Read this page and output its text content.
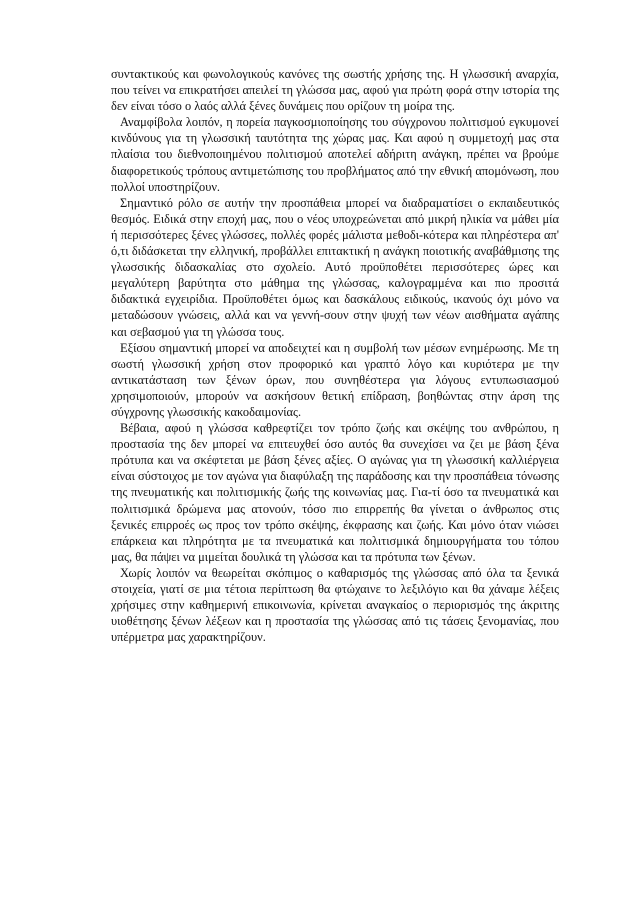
συντακτικούς και φωνολογικούς κανόνες της σωστής χρήσης της. Η γλωσσική αναρχία, που τείνει να επικρατήσει απειλεί τη γλώσσα μας, αφού για πρώτη φορά στην ιστορία της δεν είναι τόσο ο λαός αλλά ξένες δυνάμεις που ορίζουν τη μοίρα της.

Αναμφίβολα λοιπόν, η πορεία παγκοσμιοποίησης του σύγχρονου πολιτισμού εγκυμονεί κινδύνους για τη γλωσσική ταυτότητα της χώρας μας. Και αφού η συμμετοχή μας στα πλαίσια του διεθνοποιημένου πολιτισμού αποτελεί αδήριτη ανάγκη, πρέπει να βρούμε διαφορετικούς τρόπους αντιμετώπισης του προβλήματος από την εθνική απομόνωση, που πολλοί υποστηρίζουν.

Σημαντικό ρόλο σε αυτήν την προσπάθεια μπορεί να διαδραματίσει ο εκπαιδευτικός θεσμός. Ειδικά στην εποχή μας, που ο νέος υποχρεώνεται από μικρή ηλικία να μάθει μία ή περισσότερες ξένες γλώσσες, πολλές φορές μάλιστα μεθοδι-κότερα και πληρέστερα απ' ό,τι διδάσκεται την ελληνική, προβάλλει επιτακτική η ανάγκη ποιοτικής αναβάθμισης της γλωσσικής διδασκαλίας στο σχολείο. Αυτό προϋποθέτει περισσότερες ώρες και μεγαλύτερη βαρύτητα στο μάθημα της γλώσσας, καλογραμμένα και πιο προσιτά διδακτικά εγχειρίδια. Προϋποθέτει όμως και δασκάλους ειδικούς, ικανούς όχι μόνο να μεταδώσουν γνώσεις, αλλά και να γεννή-σουν στην ψυχή των νέων αισθήματα αγάπης και σεβασμού για τη γλώσσα τους.

Εξίσου σημαντική μπορεί να αποδειχτεί και η συμβολή των μέσων ενημέρωσης. Με τη σωστή γλωσσική χρήση στον προφορικό και γραπτό λόγο και κυριότερα με την αντικατάσταση των ξένων όρων, που συνηθέστερα για λόγους εντυπωσιασμού χρησιμοποιούν, μπορούν να ασκήσουν θετική επίδραση, βοηθώντας στην άρση της σύγχρονης γλωσσικής κακοδαιμονίας.

Βέβαια, αφού η γλώσσα καθρεφτίζει τον τρόπο ζωής και σκέψης του ανθρώπου, η προστασία της δεν μπορεί να επιτευχθεί όσο αυτός θα συνεχίσει να ζει με βάση ξένα πρότυπα και να σκέφτεται με βάση ξένες αξίες. Ο αγώνας για τη γλωσσική καλλιέργεια είναι σύστοιχος με τον αγώνα για διαφύλαξη της παράδοσης και την προσπάθεια τόνωσης της πνευματικής και πολιτισμικής ζωής της κοινωνίας μας. Για-τί όσο τα πνευματικά και πολιτισμικά δρώμενα μας ατονούν, τόσο πιο επιρρεπής θα γίνεται ο άνθρωπος στις ξενικές επιρροές ως προς τον τρόπο σκέψης, έκφρασης και ζωής. Και μόνο όταν νιώσει επάρκεια και πληρότητα με τα πνευματικά και πολιτισμικά δημιουργήματα του τόπου μας, θα πάψει να μιμείται δουλικά τη γλώσσα και τα πρότυπα των ξένων.

Χωρίς λοιπόν να θεωρείται σκόπιμος ο καθαρισμός της γλώσσας από όλα τα ξενικά στοιχεία, γιατί σε μια τέτοια περίπτωση θα φτώχαινε το λεξιλόγιο και θα χάναμε λέξεις χρήσιμες στην καθημερινή επικοινωνία, κρίνεται αναγκαίος ο περιορισμός της άκριτης υιοθέτησης ξένων λέξεων και η προστασία της γλώσσας από τις τάσεις ξενομανίας, που υπέρμετρα μας χαρακτηρίζουν.
